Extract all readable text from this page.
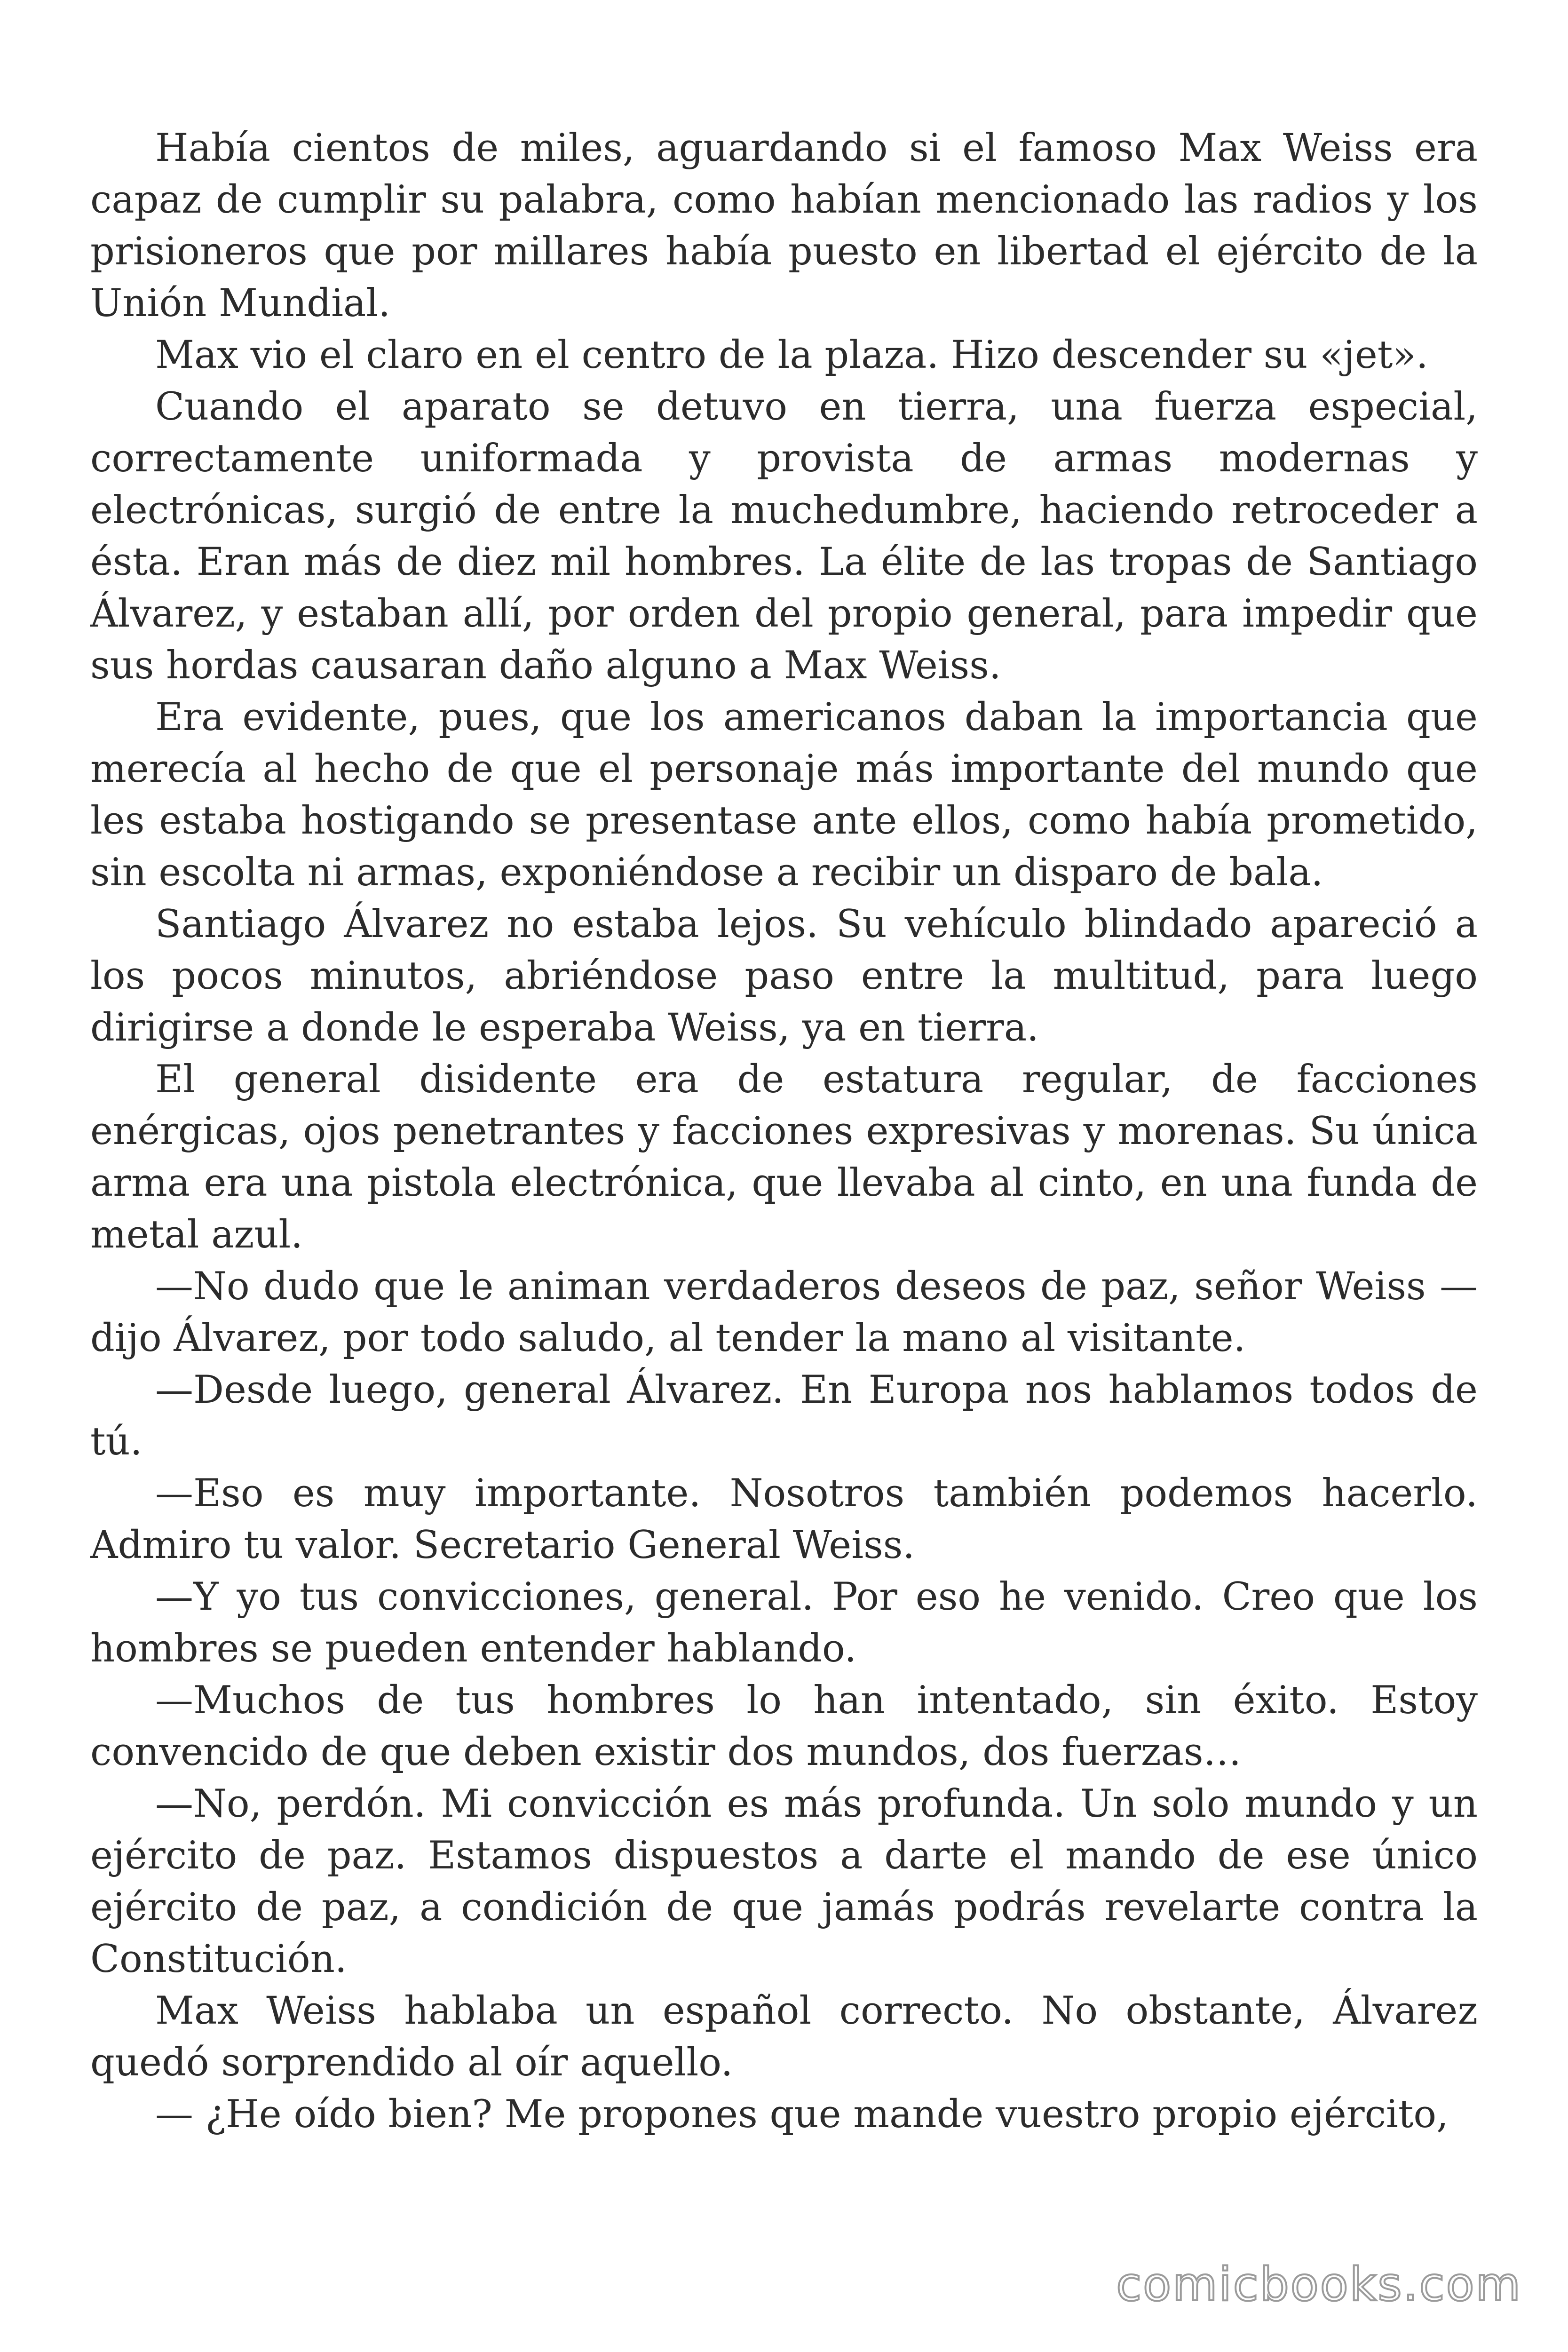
Había cientos de miles, aguardando si el famoso Max Weiss era capaz de cumplir su palabra, como habían mencionado las radios y los prisioneros que por millares había puesto en libertad el ejército de la Unión Mundial.

Max vio el claro en el centro de la plaza. Hizo descender su «jet».

Cuando el aparato se detuvo en tierra, una fuerza especial, correctamente uniformada y provista de armas modernas y electrónicas, surgió de entre la muchedumbre, haciendo retroceder a ésta. Eran más de diez mil hombres. La élite de las tropas de Santiago Álvarez, y estaban allí, por orden del propio general, para impedir que sus hordas causaran daño alguno a Max Weiss.

Era evidente, pues, que los americanos daban la importancia que merecía al hecho de que el personaje más importante del mundo que les estaba hostigando se presentase ante ellos, como había prometido, sin escolta ni armas, exponiéndose a recibir un disparo de bala.

Santiago Álvarez no estaba lejos. Su vehículo blindado apareció a los pocos minutos, abriéndose paso entre la multitud, para luego dirigirse a donde le esperaba Weiss, ya en tierra.

El general disidente era de estatura regular, de facciones enérgicas, ojos penetrantes y facciones expresivas y morenas. Su única arma era una pistola electrónica, que llevaba al cinto, en una funda de metal azul.

—No dudo que le animan verdaderos deseos de paz, señor Weiss —dijo Álvarez, por todo saludo, al tender la mano al visitante.

—Desde luego, general Álvarez. En Europa nos hablamos todos de tú.

—Eso es muy importante. Nosotros también podemos hacerlo. Admiro tu valor. Secretario General Weiss.

—Y yo tus convicciones, general. Por eso he venido. Creo que los hombres se pueden entender hablando.

—Muchos de tus hombres lo han intentado, sin éxito. Estoy convencido de que deben existir dos mundos, dos fuerzas…

—No, perdón. Mi convicción es más profunda. Un solo mundo y un ejército de paz. Estamos dispuestos a darte el mando de ese único ejército de paz, a condición de que jamás podrás revelarte contra la Constitución.

Max Weiss hablaba un español correcto. No obstante, Álvarez quedó sorprendido al oír aquello.

— ¿He oído bien? Me propones que mande vuestro propio ejército,

comicbooks.com
